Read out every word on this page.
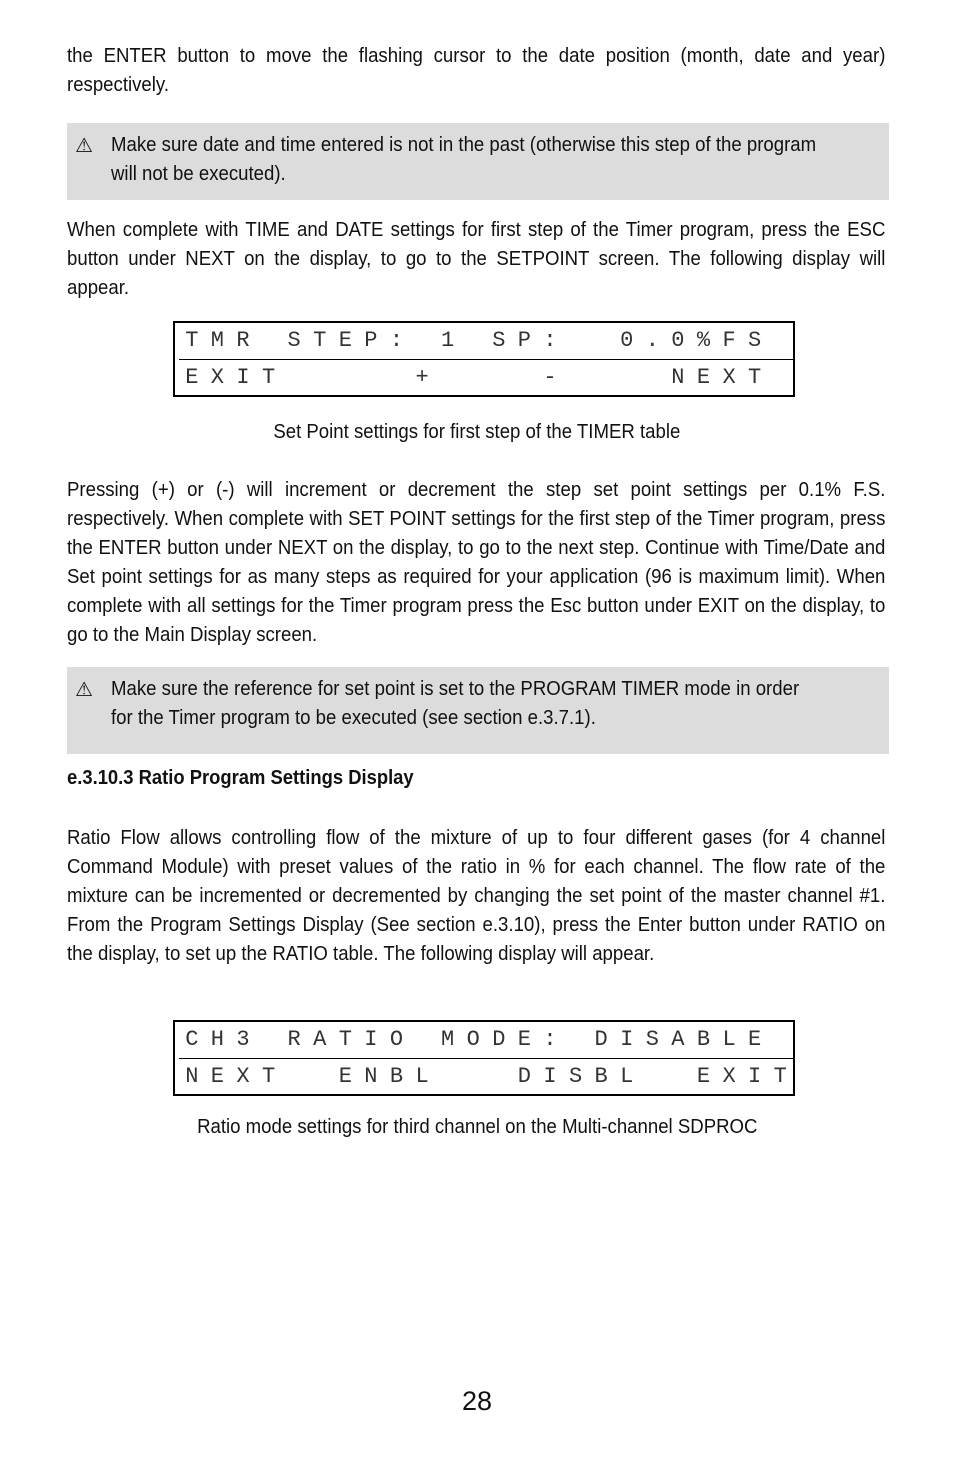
the ENTER button to move the flashing cursor to the date position (month, date and year) respectively.

⚠ Make sure date and time entered is not in the past (otherwise this step of the program will not be executed).

When complete with TIME and DATE settings for first step of the Timer program, press the ESC button under NEXT on the display, to go to the SETPOINT screen. The following display will appear.

T M R S T E P : 1 S P :	0 . 0 % F S
E X I T	+	-	N E X T
Set Point settings for first step of the TIMER table

Pressing (+) or (-) will increment or decrement the step set point settings per 0.1% F.S. respectively. When complete with SET POINT settings for the first step of the Timer program, press the ENTER button under NEXT on the display, to go to the next step. Continue with Time/Date and Set point settings for as many steps as required for your application (96 is maximum limit). When complete with all settings for the Timer program press the Esc button under EXIT on the display, to go to the Main Display screen.

⚠ Make sure the reference for set point is set to the PROGRAM TIMER mode in order for the Timer program to be executed (see section e.3.7.1).
e.3.10.3 Ratio Program Settings Display

Ratio Flow allows controlling flow of the mixture of up to four different gases (for 4 channel Command Module) with preset values of the ratio in % for each channel. The flow rate of the mixture can be incremented or decremented by changing the set point of the master channel #1. From the Program Settings Display (See section e.3.10), press the Enter button under RATIO on the display, to set up the RATIO table. The following display will appear.

C H 3 R A T I O M O D E : D I S A B L E
N E X T	E N B L	D I S B L	E X I T
Ratio mode settings for third channel on the Multi-channel SDPROC
28
